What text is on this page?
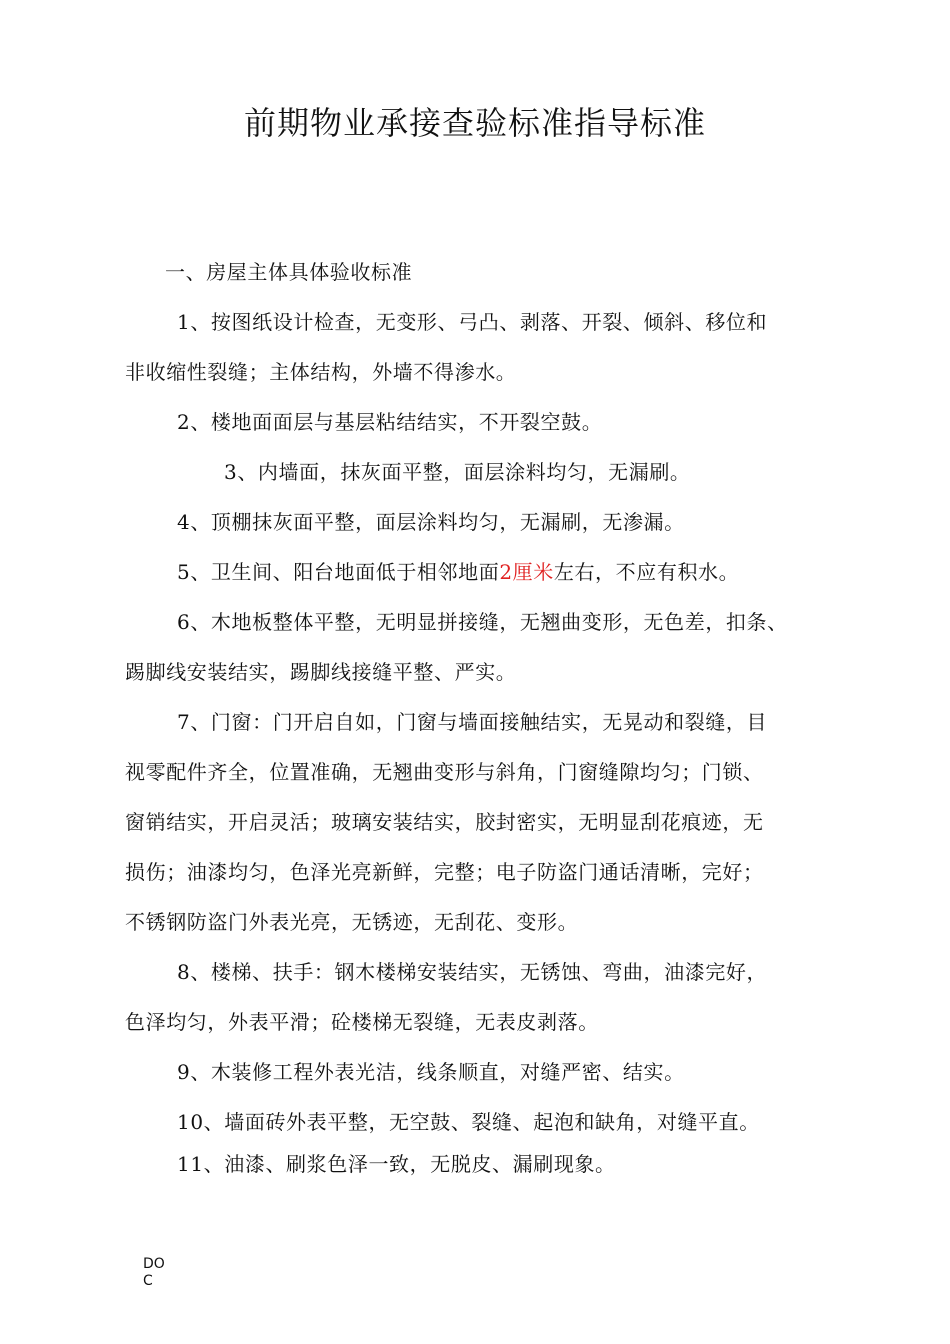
前期物业承接查验标准指导标准
一、房屋主体具体验收标准
1、按图纸设计检查，无变形、弓凸、剥落、开裂、倾斜、移位和
非收缩性裂缝；主体结构，外墙不得渗水。
2、楼地面面层与基层粘结结实，不开裂空鼓。
3、内墙面，抹灰面平整，面层涂料均匀，无漏刷。
4、顶棚抹灰面平整，面层涂料均匀，无漏刷，无渗漏。
5、卫生间、阳台地面低于相邻地面2厘米左右，不应有积水。
6、木地板整体平整，无明显拼接缝，无翘曲变形，无色差，扣条、
踢脚线安装结实，踢脚线接缝平整、严实。
7、门窗：门开启自如，门窗与墙面接触结实，无晃动和裂缝，目
视零配件齐全，位置准确，无翘曲变形与斜角，门窗缝隙均匀；门锁、
窗销结实，开启灵活；玻璃安装结实，胶封密实，无明显刮花痕迹，无
损伤；油漆均匀，色泽光亮新鲜，完整；电子防盗门通话清晰，完好；
不锈钢防盗门外表光亮，无锈迹，无刮花、变形。
8、楼梯、扶手：钢木楼梯安装结实，无锈蚀、弯曲，油漆完好，
色泽均匀，外表平滑；砼楼梯无裂缝，无表皮剥落。
9、木装修工程外表光洁，线条顺直，对缝严密、结实。
10、墙面砖外表平整，无空鼓、裂缝、起泡和缺角，对缝平直。
11、油漆、刷浆色泽一致，无脱皮、漏刷现象。
DO
C
